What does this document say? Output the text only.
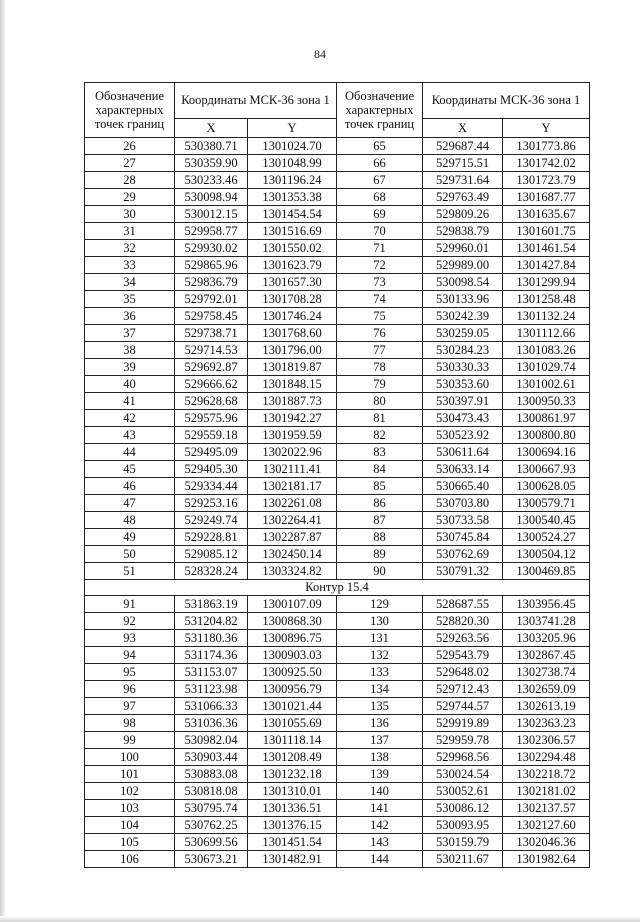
84
Обозначение характерных точек границ	Координаты МСК-36 зона 1		Обозначение характерных точек границ	Координаты МСК-36 зона 1	
	X	Y		X	Y
26	530380.71	1301024.70	65	529687.44	1301773.86
27	530359.90	1301048.99	66	529715.51	1301742.02
28	530233.46	1301196.24	67	529731.64	1301723.79
29	530098.94	1301353.38	68	529763.49	1301687.77
30	530012.15	1301454.54	69	529809.26	1301635.67
31	529958.77	1301516.69	70	529838.79	1301601.75
32	529930.02	1301550.02	71	529960.01	1301461.54
33	529865.96	1301623.79	72	529989.00	1301427.84
34	529836.79	1301657.30	73	530098.54	1301299.94
35	529792.01	1301708.28	74	530133.96	1301258.48
36	529758.45	1301746.24	75	530242.39	1301132.24
37	529738.71	1301768.60	76	530259.05	1301112.66
38	529714.53	1301796.00	77	530284.23	1301083.26
39	529692.87	1301819.87	78	530330.33	1301029.74
40	529666.62	1301848.15	79	530353.60	1301002.61
41	529628.68	1301887.73	80	530397.91	1300950.33
42	529575.96	1301942.27	81	530473.43	1300861.97
43	529559.18	1301959.59	82	530523.92	1300800.80
44	529495.09	1302022.96	83	530611.64	1300694.16
45	529405.30	1302111.41	84	530633.14	1300667.93
46	529334.44	1302181.17	85	530665.40	1300628.05
47	529253.16	1302261.08	86	530703.80	1300579.71
48	529249.74	1302264.41	87	530733.58	1300540.45
49	529228.81	1302287.87	88	530745.84	1300524.27
50	529085.12	1302450.14	89	530762.69	1300504.12
51	528328.24	1303324.82	90	530791.32	1300469.85
Контур 15.4					
91	531863.19	1300107.09	129	528687.55	1303956.45
92	531204.82	1300868.30	130	528820.30	1303741.28
93	531180.36	1300896.75	131	529263.56	1303205.96
94	531174.36	1300903.03	132	529543.79	1302867.45
95	531153.07	1300925.50	133	529648.02	1302738.74
96	531123.98	1300956.79	134	529712.43	1302659.09
97	531066.33	1301021.44	135	529744.57	1302613.19
98	531036.36	1301055.69	136	529919.89	1302363.23
99	530982.04	1301118.14	137	529959.78	1302306.57
100	530903.44	1301208.49	138	529968.56	1302294.48
101	530883.08	1301232.18	139	530024.54	1302218.72
102	530818.08	1301310.01	140	530052.61	1302181.02
103	530795.74	1301336.51	141	530086.12	1302137.57
104	530762.25	1301376.15	142	530093.95	1302127.60
105	530699.56	1301451.54	143	530159.79	1302046.36
106	530673.21	1301482.91	144	530211.67	1301982.64
